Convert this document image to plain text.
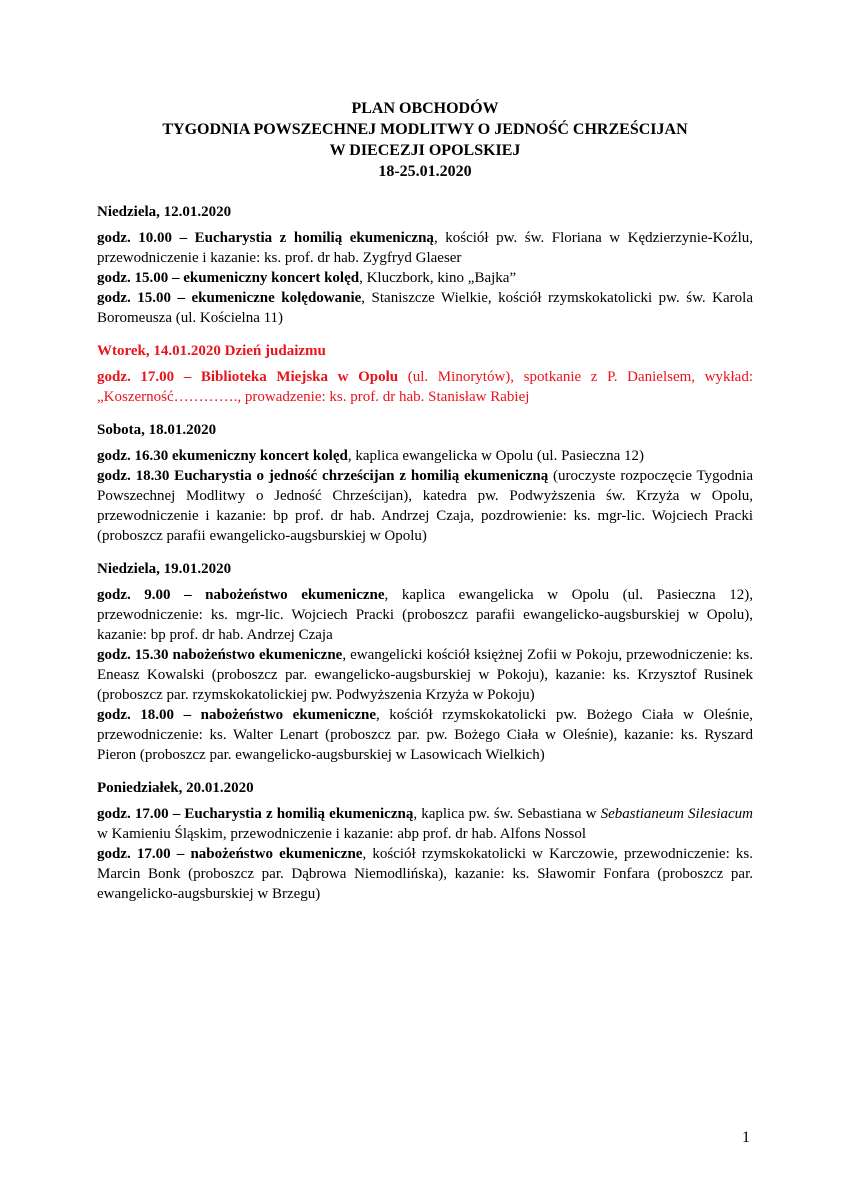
PLAN OBCHODÓW
TYGODNIA POWSZECHNEJ MODLITWY O JEDNOŚĆ CHRZEŚCIJAN
W DIECEZJI OPOLSKIEJ
18-25.01.2020
Niedziela, 12.01.2020

godz. 10.00 – Eucharystia z homilią ekumeniczną, kościół pw. św. Floriana w Kędzierzynie-Koźlu, przewodniczenie i kazanie: ks. prof. dr hab. Zygfryd Glaeser

godz. 15.00 – ekumeniczny koncert kolęd, Kluczbork, kino „Bajka”

godz. 15.00 – ekumeniczne kolędowanie, Staniszcze Wielkie, kościół rzymskokatolicki pw. św. Karola Boromeusza (ul. Kościelna 11)

Wtorek, 14.01.2020 Dzień judaizmu

godz. 17.00 – Biblioteka Miejska w Opolu (ul. Minorytów), spotkanie z P. Danielsem, wykład: „Koszerność…………., prowadzenie: ks. prof. dr hab. Stanisław Rabiej

Sobota, 18.01.2020

godz. 16.30 ekumeniczny koncert kolęd, kaplica ewangelicka w Opolu (ul. Pasieczna 12)

godz. 18.30 Eucharystia o jedność chrześcijan z homilią ekumeniczną (uroczyste rozpoczęcie Tygodnia Powszechnej Modlitwy o Jedność Chrześcijan), katedra pw. Podwyższenia św. Krzyża w Opolu, przewodniczenie i kazanie: bp prof. dr hab. Andrzej Czaja, pozdrowienie: ks. mgr-lic. Wojciech Pracki (proboszcz parafii ewangelicko-augsburskiej w Opolu)

Niedziela, 19.01.2020

godz. 9.00 – nabożeństwo ekumeniczne, kaplica ewangelicka w Opolu (ul. Pasieczna 12), przewodniczenie: ks. mgr-lic. Wojciech Pracki (proboszcz parafii ewangelicko-augsburskiej w Opolu), kazanie: bp prof. dr hab. Andrzej Czaja

godz. 15.30 nabożeństwo ekumeniczne, ewangelicki kościół księżnej Zofii w Pokoju, przewodniczenie: ks. Eneasz Kowalski (proboszcz par. ewangelicko-augsburskiej w Pokoju), kazanie: ks. Krzysztof Rusinek (proboszcz par. rzymskokatolickiej pw. Podwyższenia Krzyża w Pokoju)

godz. 18.00 – nabożeństwo ekumeniczne, kościół rzymskokatolicki pw. Bożego Ciała w Oleśnie, przewodniczenie: ks. Walter Lenart (proboszcz par. pw. Bożego Ciała w Oleśnie), kazanie: ks. Ryszard Pieron (proboszcz par. ewangelicko-augsburskiej w Lasowicach Wielkich)

Poniedziałek, 20.01.2020

godz. 17.00 – Eucharystia z homilią ekumeniczną, kaplica pw. św. Sebastiana w Sebastianeum Silesiacum w Kamieniu Śląskim, przewodniczenie i kazanie: abp prof. dr hab. Alfons Nossol

godz. 17.00 – nabożeństwo ekumeniczne, kościół rzymskokatolicki w Karczowie, przewodniczenie: ks. Marcin Bonk (proboszcz par. Dąbrowa Niemodlińska), kazanie: ks. Sławomir Fonfara (proboszcz par. ewangelicko-augsburskiej w Brzegu)

1
